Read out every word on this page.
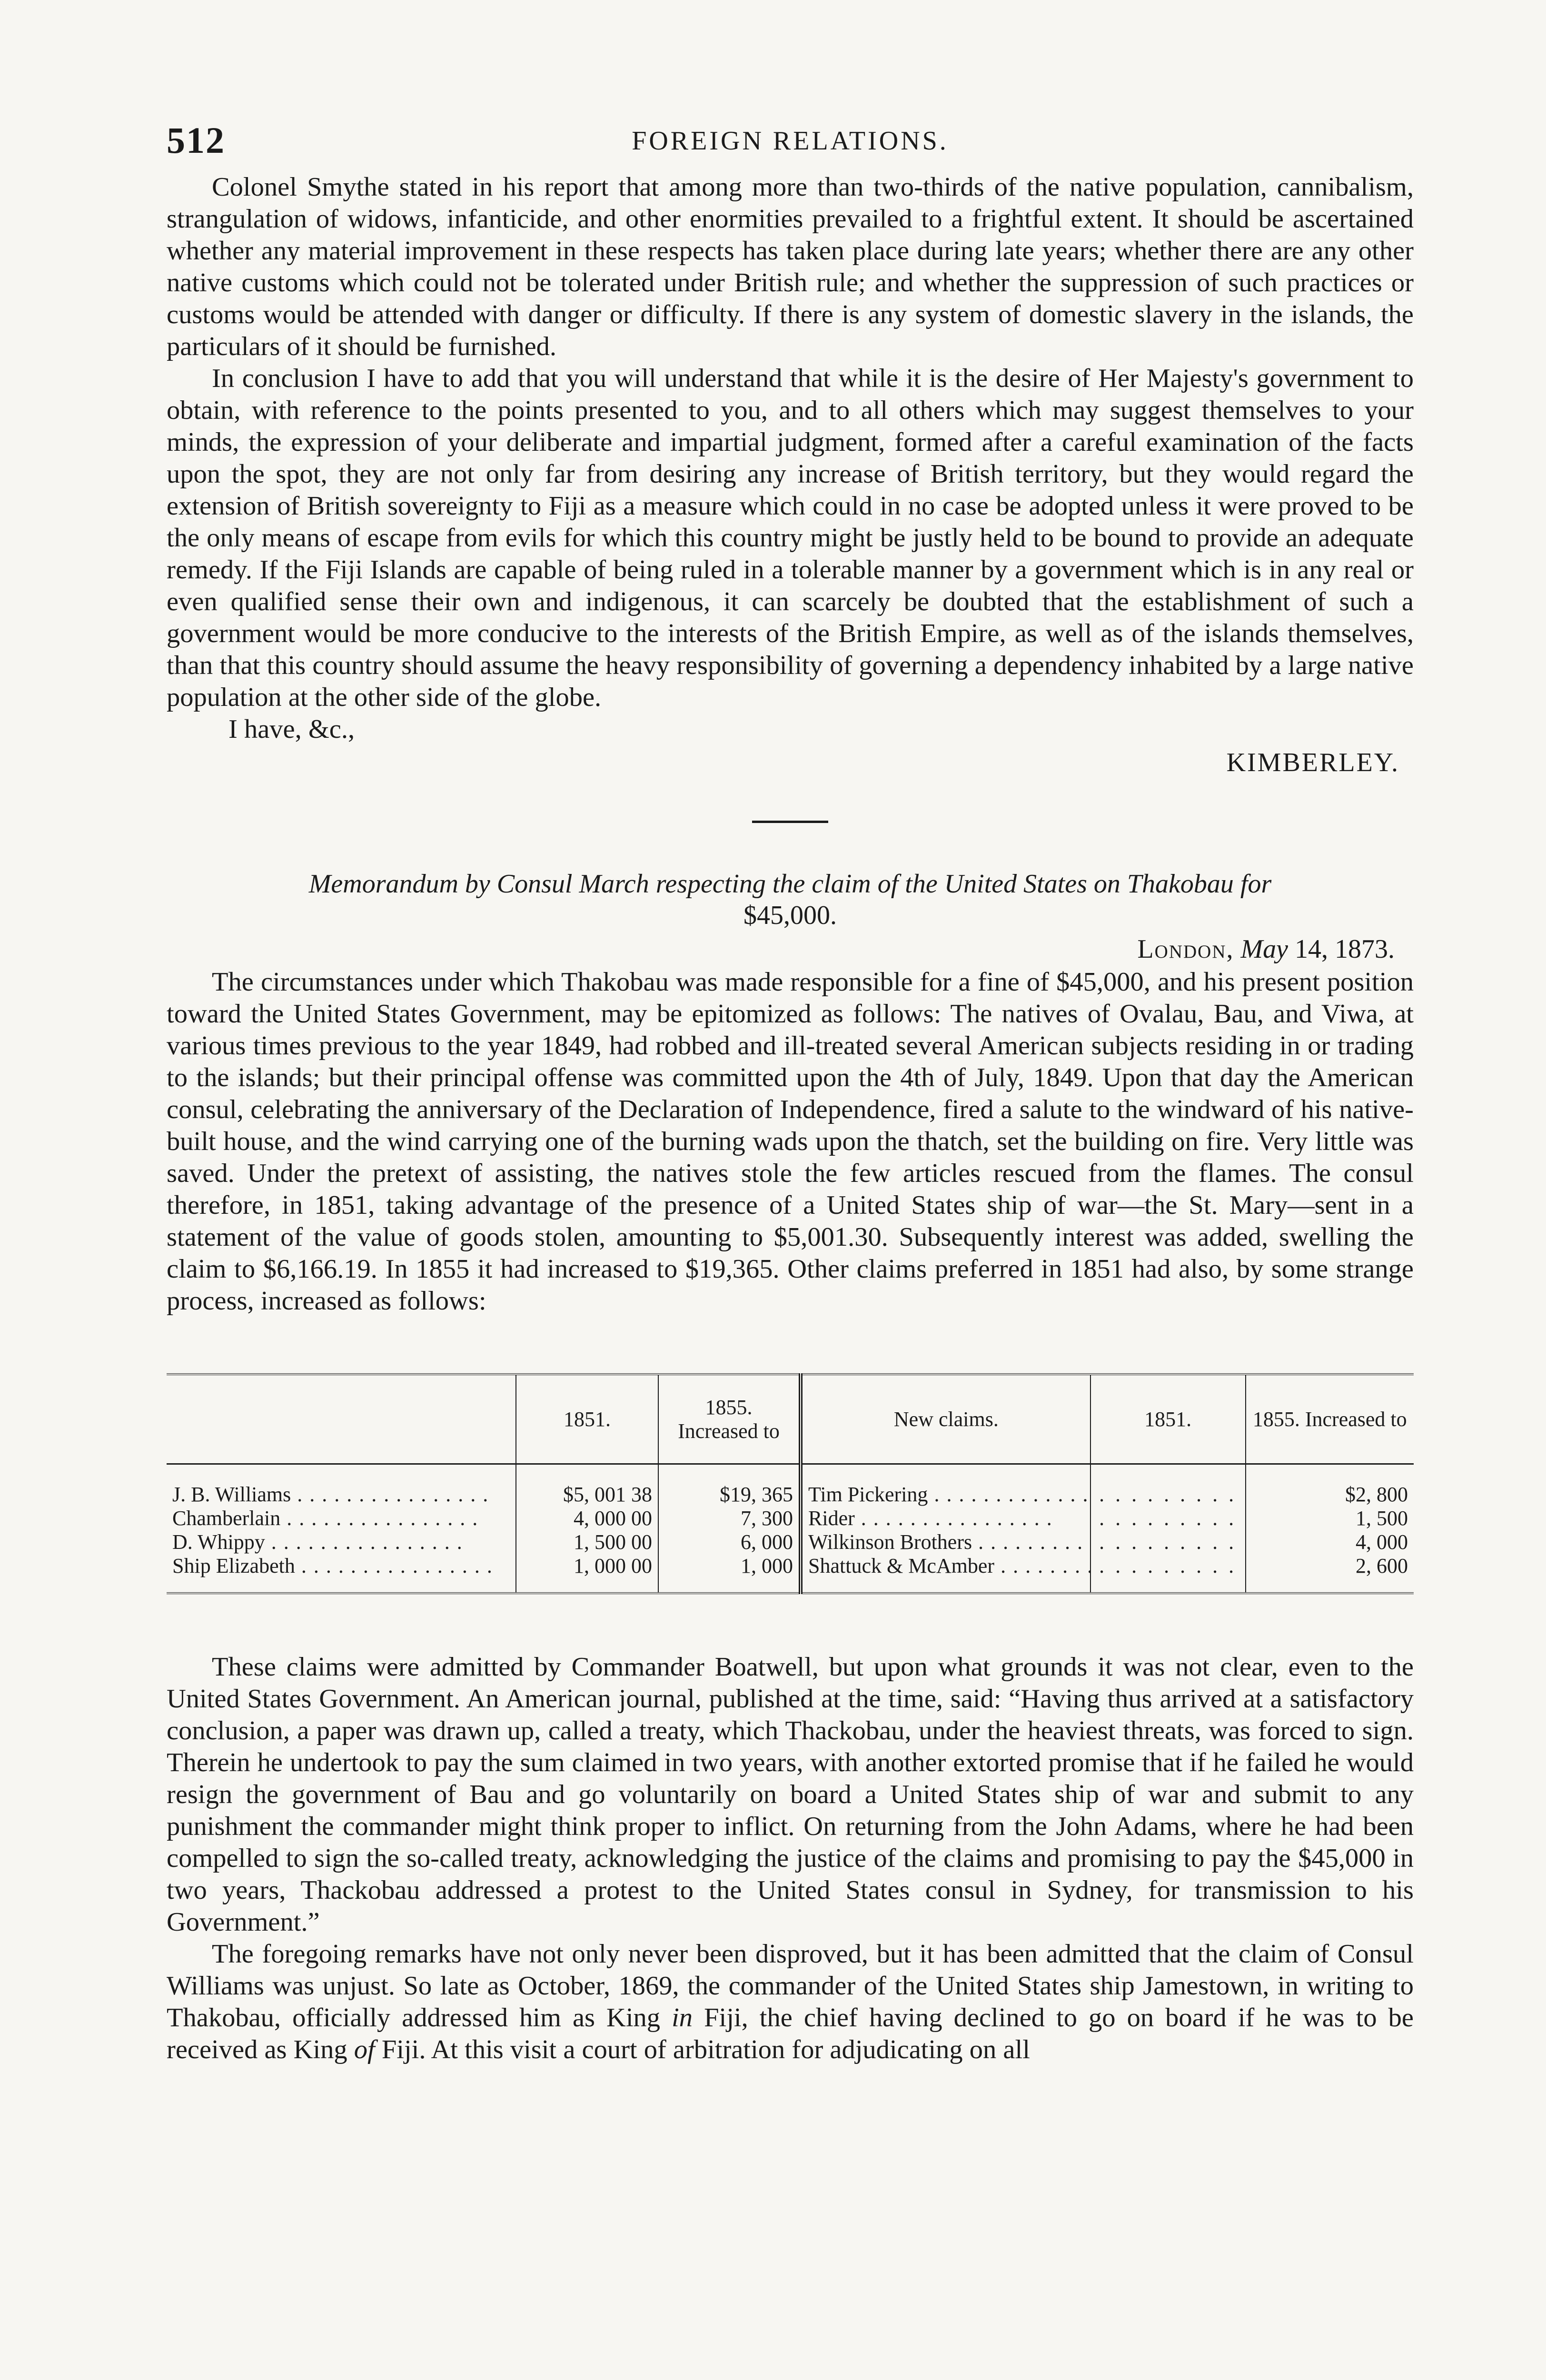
512	FOREIGN RELATIONS.

Colonel Smythe stated in his report that among more than two-thirds of the native population, cannibalism, strangulation of widows, infanticide, and other enormities prevailed to a frightful extent. It should be ascertained whether any material improvement in these respects has taken place during late years; whether there are any other native customs which could not be tolerated under British rule; and whether the suppression of such practices or customs would be attended with danger or difficulty. If there is any system of domestic slavery in the islands, the particulars of it should be furnished.

In conclusion I have to add that you will understand that while it is the desire of Her Majesty's government to obtain, with reference to the points presented to you, and to all others which may suggest themselves to your minds, the expression of your deliberate and impartial judgment, formed after a careful examination of the facts upon the spot, they are not only far from desiring any increase of British territory, but they would regard the extension of British sovereignty to Fiji as a measure which could in no case be adopted unless it were proved to be the only means of escape from evils for which this country might be justly held to be bound to provide an adequate remedy. If the Fiji Islands are capable of being ruled in a tolerable manner by a government which is in any real or even qualified sense their own and indigenous, it can scarcely be doubted that the establishment of such a government would be more conducive to the interests of the British Empire, as well as of the islands themselves, than that this country should assume the heavy responsibility of governing a dependency inhabited by a large native population at the other side of the globe.

I have, &c.,

KIMBERLEY.
Memorandum by Consul March respecting the claim of the United States on Thakobau for
$45,000.
London, May 14, 1873.

The circumstances under which Thakobau was made responsible for a fine of $45,000, and his present position toward the United States Government, may be epitomized as follows: The natives of Ovalau, Bau, and Viwa, at various times previous to the year 1849, had robbed and ill-treated several American subjects residing in or trading to the islands; but their principal offense was committed upon the 4th of July, 1849. Upon that day the American consul, celebrating the anniversary of the Declaration of Independence, fired a salute to the windward of his native-built house, and the wind carrying one of the burning wads upon the thatch, set the building on fire. Very little was saved. Under the pretext of assisting, the natives stole the few articles rescued from the flames. The consul therefore, in 1851, taking advantage of the presence of a United States ship of war—the St. Mary—sent in a statement of the value of goods stolen, amounting to $5,001.30. Subsequently interest was added, swelling the claim to $6,166.19. In 1855 it had increased to $19,365. Other claims preferred in 1851 had also, by some strange process, increased as follows:

	1851.	1855. Increased to	New claims.	1851.	1855. Increased to
J. B. Williams . . .	$5, 001 38	$19, 365	Tim Pickering . . .	. . . . . . . . .	$2, 800
Chamberlain . . .	4, 000 00	7, 300	Rider . . .	. . . . . . . . .	1, 500
D. Whippy . . .	1, 500 00	6, 000	Wilkinson Brothers . . .	. . . . . . . . .	4, 000
Ship Elizabeth . . .	1, 000 00	1, 000	Shattuck & McAmber . . .	. . . . . . . . .	2, 600

These claims were admitted by Commander Boatwell, but upon what grounds it was not clear, even to the United States Government. An American journal, published at the time, said: “Having thus arrived at a satisfactory conclusion, a paper was drawn up, called a treaty, which Thackobau, under the heaviest threats, was forced to sign. Therein he undertook to pay the sum claimed in two years, with another extorted promise that if he failed he would resign the government of Bau and go voluntarily on board a United States ship of war and submit to any punishment the commander might think proper to inflict. On returning from the John Adams, where he had been compelled to sign the so-called treaty, acknowledging the justice of the claims and promising to pay the $45,000 in two years, Thackobau addressed a protest to the United States consul in Sydney, for transmission to his Government.”

The foregoing remarks have not only never been disproved, but it has been admitted that the claim of Consul Williams was unjust. So late as October, 1869, the commander of the United States ship Jamestown, in writing to Thakobau, officially addressed him as King in Fiji, the chief having declined to go on board if he was to be received as King of Fiji. At this visit a court of arbitration for adjudicating on all
